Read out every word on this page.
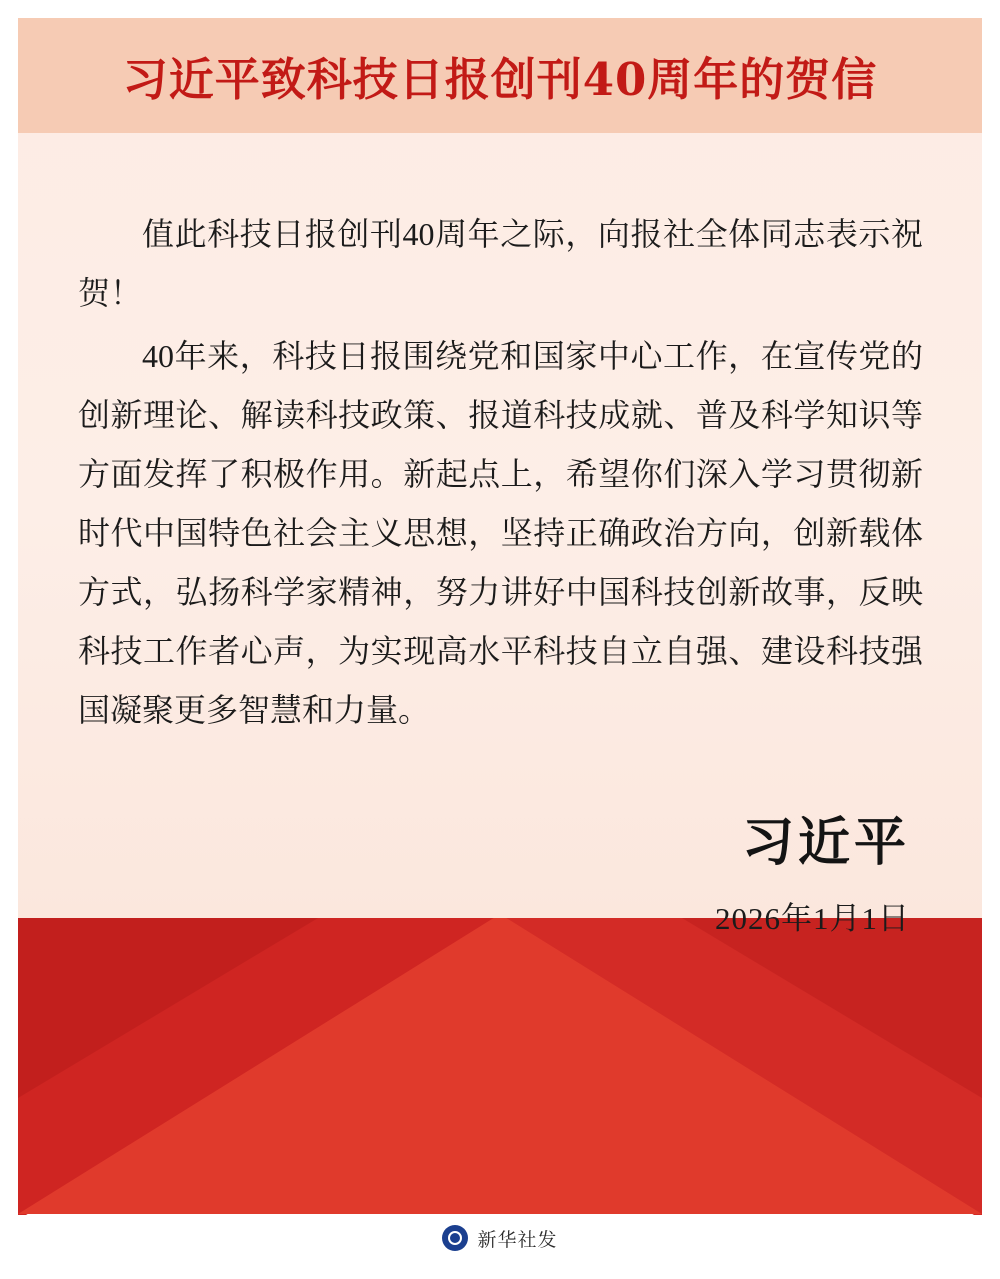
习近平致科技日报创刊40周年的贺信

值此科技日报创刊40周年之际，向报社全体同志表示祝贺！

40年来，科技日报围绕党和国家中心工作，在宣传党的创新理论、解读科技政策、报道科技成就、普及科学知识等方面发挥了积极作用。新起点上，希望你们深入学习贯彻新时代中国特色社会主义思想，坚持正确政治方向，创新载体方式，弘扬科学家精神，努力讲好中国科技创新故事，反映科技工作者心声，为实现高水平科技自立自强、建设科技强国凝聚更多智慧和力量。

习近平
2026年1月1日
新华社发
